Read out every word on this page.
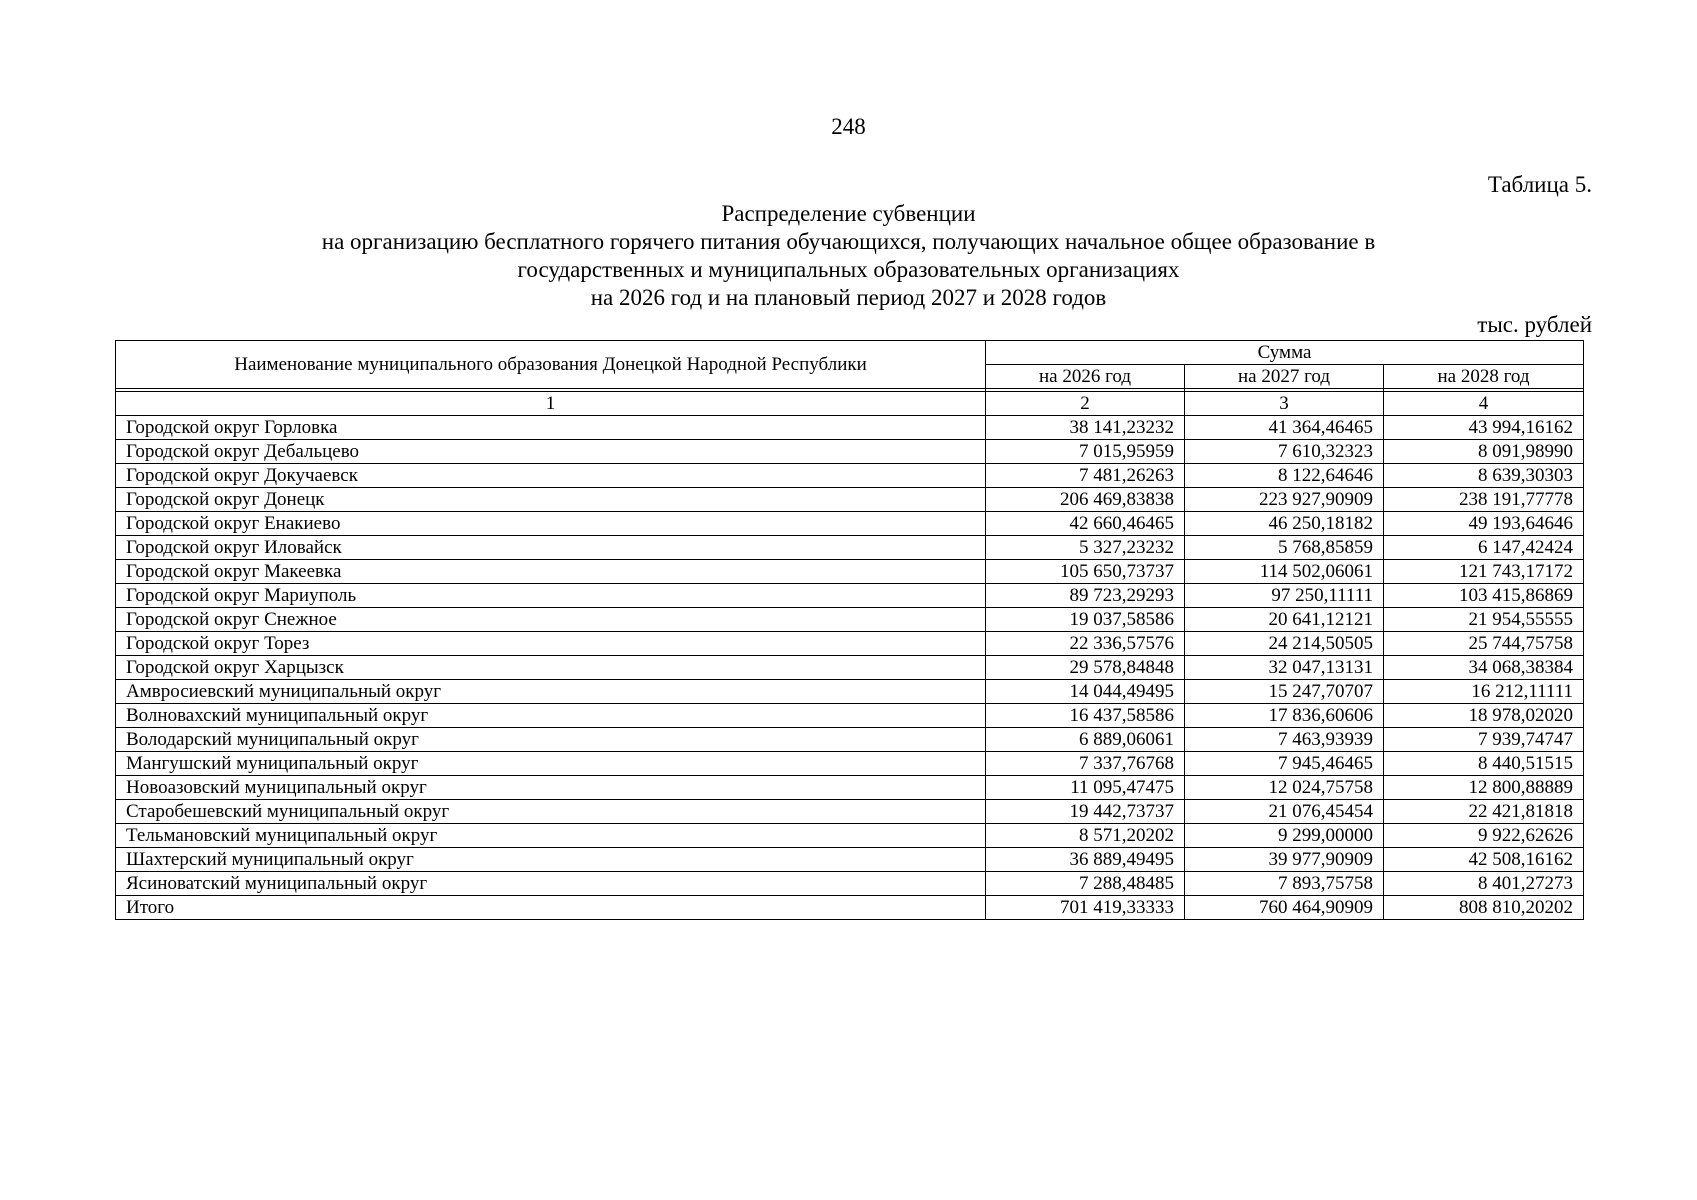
248
Таблица 5.
Распределение субвенции
на организацию бесплатного горячего питания обучающихся, получающих начальное общее образование в
государственных и муниципальных образовательных организациях
на 2026 год и на плановый период 2027 и 2028 годов
тыс. рублей
Наименование муниципального образования Донецкой Народной Республики	Сумма		
	на 2026 год	на 2027 год	на 2028 год

1	2	3	4
Городской округ Горловка	38 141,23232	41 364,46465	43 994,16162
Городской округ Дебальцево	7 015,95959	7 610,32323	8 091,98990
Городской округ Докучаевск	7 481,26263	8 122,64646	8 639,30303
Городской округ Донецк	206 469,83838	223 927,90909	238 191,77778
Городской округ Енакиево	42 660,46465	46 250,18182	49 193,64646
Городской округ Иловайск	5 327,23232	5 768,85859	6 147,42424
Городской округ Макеевка	105 650,73737	114 502,06061	121 743,17172
Городской округ Мариуполь	89 723,29293	97 250,11111	103 415,86869
Городской округ Снежное	19 037,58586	20 641,12121	21 954,55555
Городской округ Торез	22 336,57576	24 214,50505	25 744,75758
Городской округ Харцызск	29 578,84848	32 047,13131	34 068,38384
Амвросиевский муниципальный округ	14 044,49495	15 247,70707	16 212,11111
Волновахский муниципальный округ	16 437,58586	17 836,60606	18 978,02020
Володарский муниципальный округ	6 889,06061	7 463,93939	7 939,74747
Мангушский муниципальный округ	7 337,76768	7 945,46465	8 440,51515
Новоазовский муниципальный округ	11 095,47475	12 024,75758	12 800,88889
Старобешевский муниципальный округ	19 442,73737	21 076,45454	22 421,81818
Тельмановский муниципальный округ	8 571,20202	9 299,00000	9 922,62626
Шахтерский муниципальный округ	36 889,49495	39 977,90909	42 508,16162
Ясиноватский муниципальный округ	7 288,48485	7 893,75758	8 401,27273
Итого	701 419,33333	760 464,90909	808 810,20202
